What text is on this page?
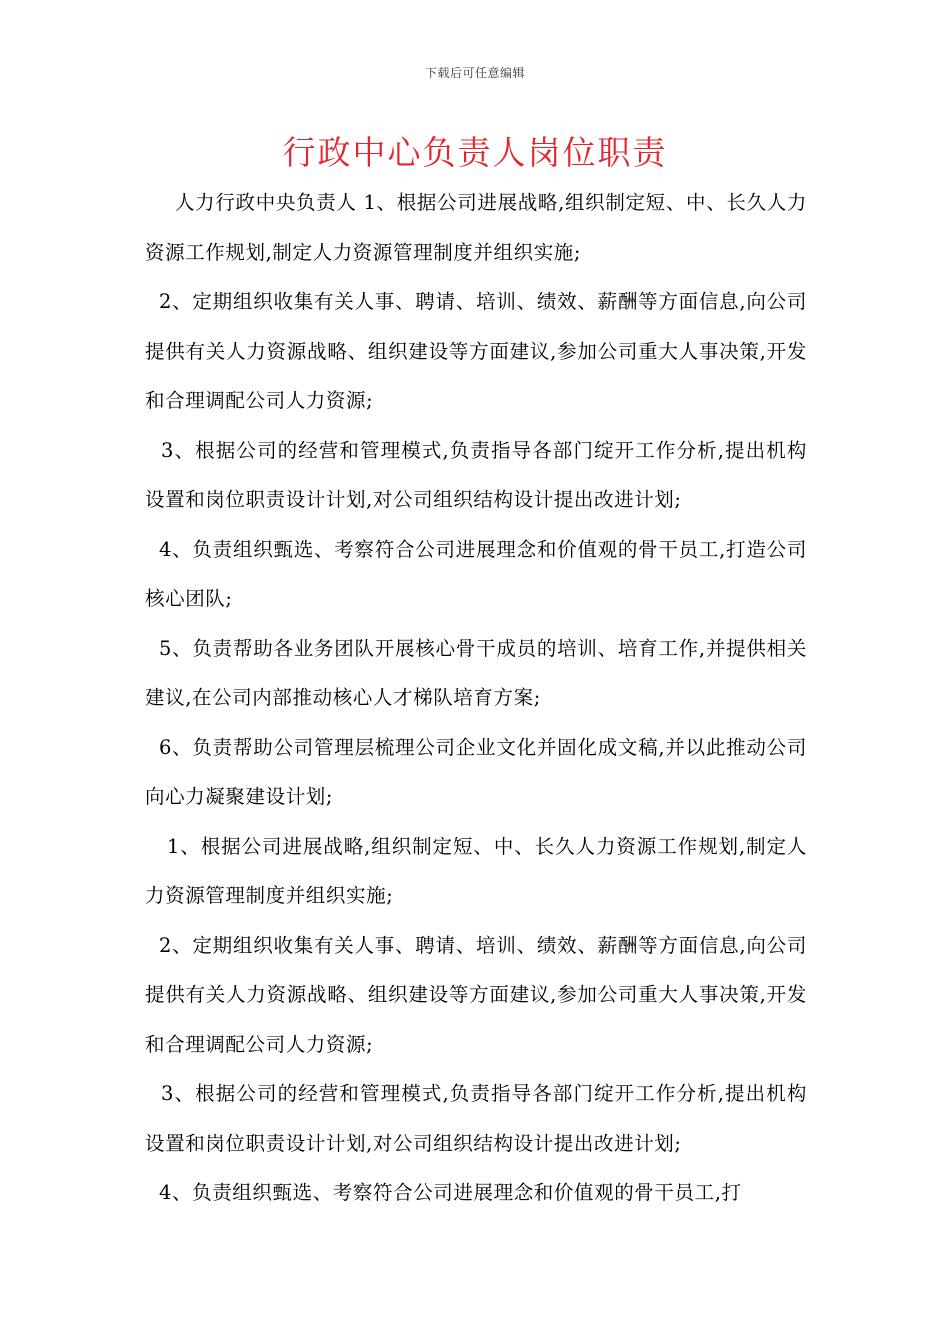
下载后可任意编辑
行政中心负责人岗位职责

人力行政中央负责人 1、根据公司进展战略,组织制定短、中、长久人力资源工作规划,制定人力资源管理制度并组织实施;

2、定期组织收集有关人事、聘请、培训、绩效、薪酬等方面信息,向公司提供有关人力资源战略、组织建设等方面建议,参加公司重大人事决策,开发和合理调配公司人力资源;

3、根据公司的经营和管理模式,负责指导各部门绽开工作分析,提出机构设置和岗位职责设计计划,对公司组织结构设计提出改进计划;

4、负责组织甄选、考察符合公司进展理念和价值观的骨干员工,打造公司核心团队;

5、负责帮助各业务团队开展核心骨干成员的培训、培育工作,并提供相关建议,在公司内部推动核心人才梯队培育方案;

6、负责帮助公司管理层梳理公司企业文化并固化成文稿,并以此推动公司向心力凝聚建设计划;

1、根据公司进展战略,组织制定短、中、长久人力资源工作规划,制定人力资源管理制度并组织实施;

2、定期组织收集有关人事、聘请、培训、绩效、薪酬等方面信息,向公司提供有关人力资源战略、组织建设等方面建议,参加公司重大人事决策,开发和合理调配公司人力资源;

3、根据公司的经营和管理模式,负责指导各部门绽开工作分析,提出机构设置和岗位职责设计计划,对公司组织结构设计提出改进计划;

4、负责组织甄选、考察符合公司进展理念和价值观的骨干员工,打
